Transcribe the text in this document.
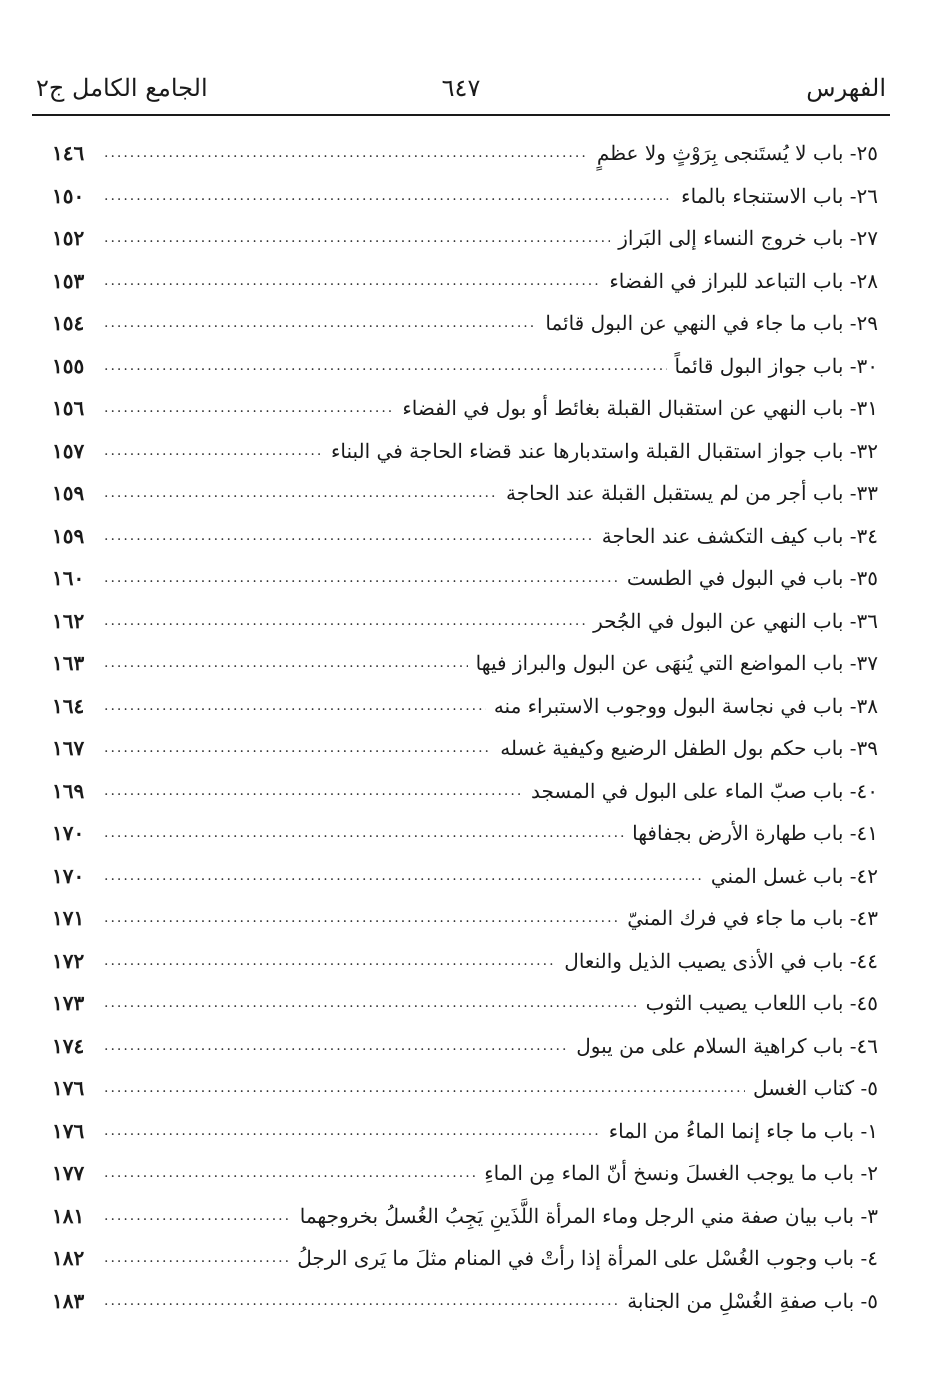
الجامع الكامل ج٢	٦٤٧	الفهرس
٢٥- باب لا يُستَنجى بِرَوْثٍ ولا عظمٍ
.....
١٤٦
٢٦- باب الاستنجاء بالماء
.....
١٥٠
٢٧- باب خروج النساء إلى البَراز
.....
١٥٢
٢٨- باب التباعد للبراز في الفضاء
.....
١٥٣
٢٩- باب ما جاء في النهي عن البول قائما
.....
١٥٤
٣٠- باب جواز البول قائماً
.....
١٥٥
٣١- باب النهي عن استقبال القبلة بغائط أو بول في الفضاء
.....
١٥٦
٣٢- باب جواز استقبال القبلة واستدبارها عند قضاء الحاجة في البناء
.....
١٥٧
٣٣- باب أجر من لم يستقبل القبلة عند الحاجة
.....
١٥٩
٣٤- باب كيف التكشف عند الحاجة
.....
١٥٩
٣٥- باب في البول في الطست
.....
١٦٠
٣٦- باب النهي عن البول في الجُحر
.....
١٦٢
٣٧- باب المواضع التي يُنهَى عن البول والبراز فيها
.....
١٦٣
٣٨- باب في نجاسة البول ووجوب الاستبراء منه
.....
١٦٤
٣٩- باب حكم بول الطفل الرضيع وكيفية غسله
.....
١٦٧
٤٠- باب صبّ الماء على البول في المسجد
.....
١٦٩
٤١- باب طهارة الأرض بجفافها
.....
١٧٠
٤٢- باب غسل المني
.....
١٧٠
٤٣- باب ما جاء في فرك المنيّ
.....
١٧١
٤٤- باب في الأذى يصيب الذيل والنعال
.....
١٧٢
٤٥- باب اللعاب يصيب الثوب
.....
١٧٣
٤٦- باب كراهية السلام على من يبول
.....
١٧٤
٥- كتاب الغسل
.....
١٧٦
١- باب ما جاء إنما الماءُ من الماء
.....
١٧٦
٢- باب ما يوجب الغسلَ ونسخ أنّ الماء مِن الماءِ
.....
١٧٧
٣- باب بيان صفة مني الرجل وماء المرأة اللَّذَينِ يَجِبُ الغُسلُ بخروجهما
.....
١٨١
٤- باب وجوب الغُسْل على المرأة إذا رأتْ في المنام مثلَ ما يَرى الرجلُ
.....
١٨٢
٥- باب صفةِ الغُسْلِ من الجنابة
.....
١٨٣
